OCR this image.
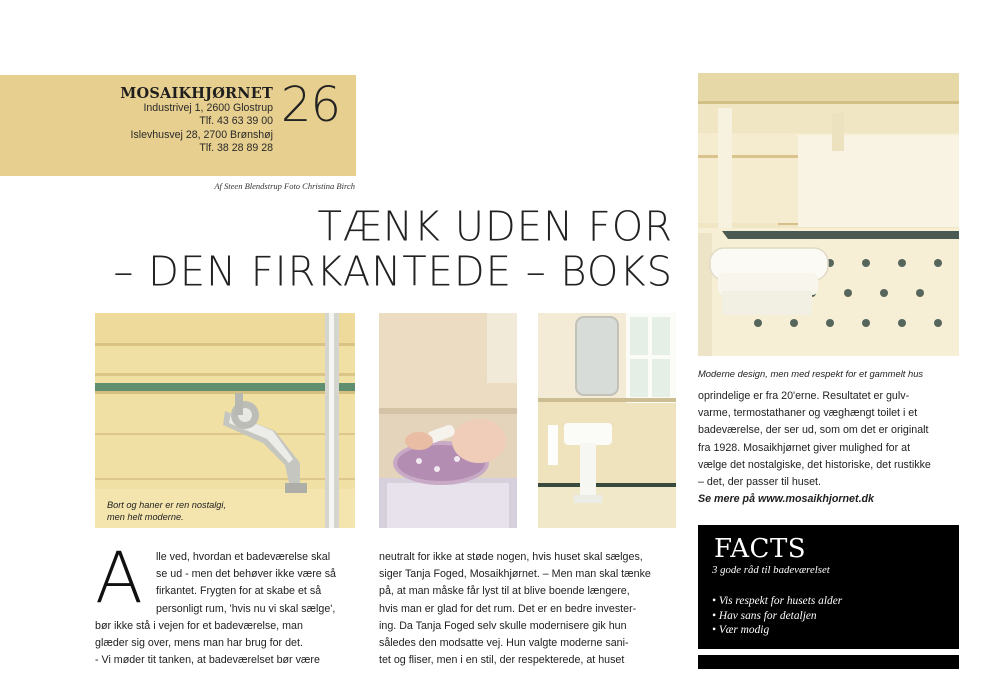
MOSAIKHJØRNET
Industrivej 1, 2600 Glostrup
Tlf. 43 63 39 00
Islevhusvej 28, 2700 Brønshøj
Tlf. 38 28 89 28
26
Af Steen Blendstrup Foto Christina Birch
TÆNK UDEN FOR
– DEN FIRKANTEDE – BOKS
Bort og haner er ren nostalgi,
men helt moderne.
Moderne design, men med respekt for et gammelt hus
A	lle ved, hvordan et badeværelse skal

se ud - men det behøver ikke være så

firkantet. Frygten for at skabe et så

personligt rum, 'hvis nu vi skal sælge',

bør ikke stå i vejen for et badeværelse, man

glæder sig over, mens man har brug for det.

- Vi møder tit tanken, at badeværelset bør være

neutralt for ikke at støde nogen, hvis huset skal sælges,

siger Tanja Foged, Mosaikhjørnet. – Men man skal tænke

på, at man måske får lyst til at blive boende længere,

hvis man er glad for det rum. Det er en bedre invester-

ing. Da Tanja Foged selv skulle modernisere gik hun

således den modsatte vej. Hun valgte moderne sani-

tet og fliser, men i en stil, der respekterede, at huset

oprindelige er fra 20'erne. Resultatet er gulv-

varme, termostathaner og væghængt toilet i et

badeværelse, der ser ud, som om det er originalt

fra 1928. Mosaikhjørnet giver mulighed for at

vælge det nostalgiske, det historiske, det rustikke

– det, der passer til huset.

Se mere på www.mosaikhjornet.dk

FACTS
3 gode råd til badeværelset
• Vis respekt for husets alder
• Hav sans for detaljen
• Vær modig
